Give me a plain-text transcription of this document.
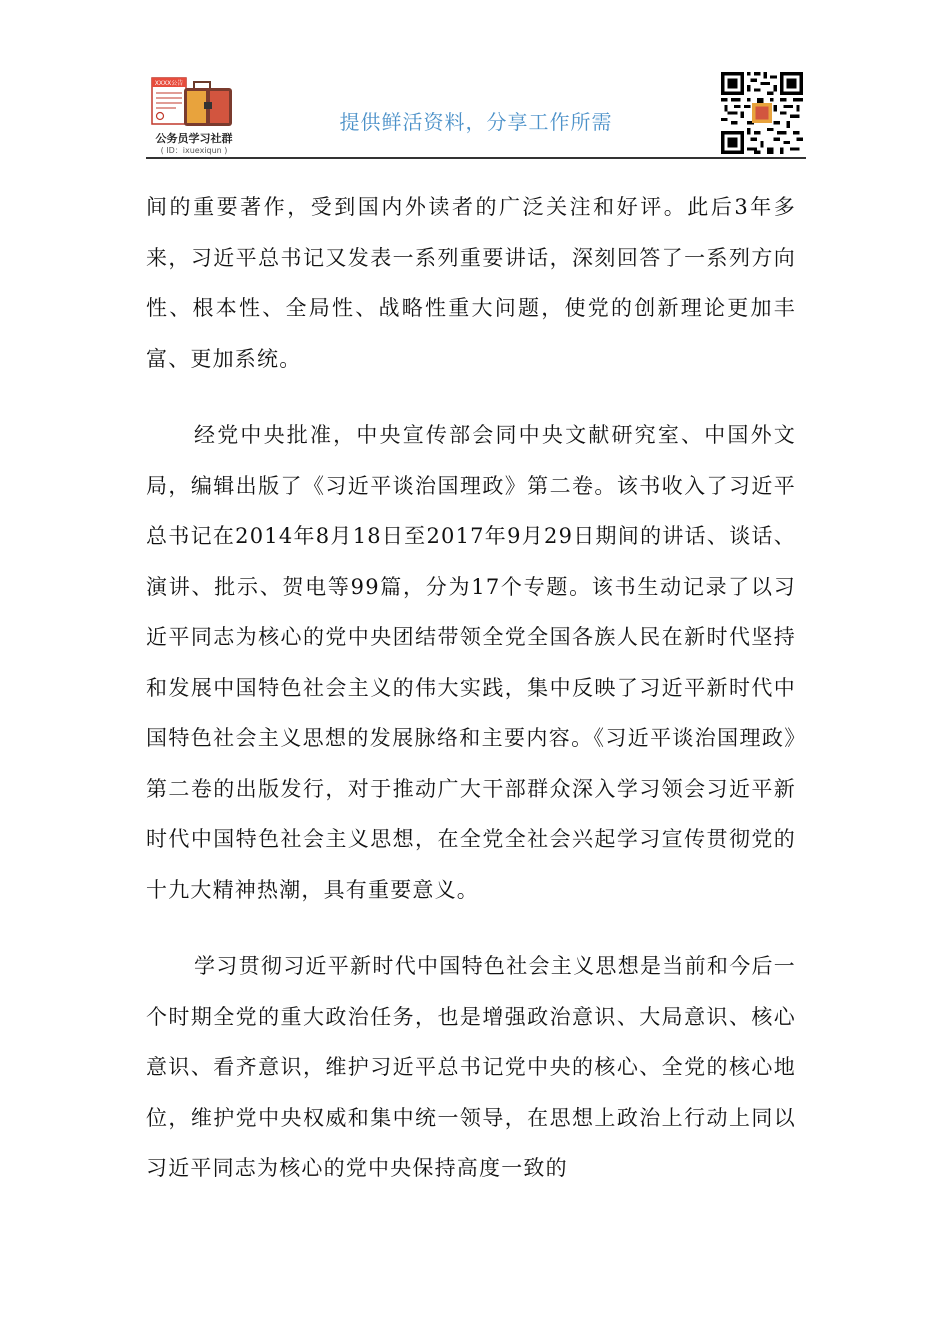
XXXX公告
公务员学习社群
( ID：ixuexiqun )
提供鲜活资料，分享工作所需

间的重要著作，受到国内外读者的广泛关注和好评。此后3年多来，习近平总书记又发表一系列重要讲话，深刻回答了一系列方向性、根本性、全局性、战略性重大问题，使党的创新理论更加丰富、更加系统。

经党中央批准，中央宣传部会同中央文献研究室、中国外文局，编辑出版了《习近平谈治国理政》第二卷。该书收入了习近平总书记在2014年8月18日至2017年9月29日期间的讲话、谈话、演讲、批示、贺电等99篇，分为17个专题。该书生动记录了以习近平同志为核心的党中央团结带领全党全国各族人民在新时代坚持和发展中国特色社会主义的伟大实践，集中反映了习近平新时代中国特色社会主义思想的发展脉络和主要内容。《习近平谈治国理政》第二卷的出版发行，对于推动广大干部群众深入学习领会习近平新时代中国特色社会主义思想，在全党全社会兴起学习宣传贯彻党的十九大精神热潮，具有重要意义。

学习贯彻习近平新时代中国特色社会主义思想是当前和今后一个时期全党的重大政治任务，也是增强政治意识、大局意识、核心意识、看齐意识，维护习近平总书记党中央的核心、全党的核心地位，维护党中央权威和集中统一领导，在思想上政治上行动上同以习近平同志为核心的党中央保持高度一致的
